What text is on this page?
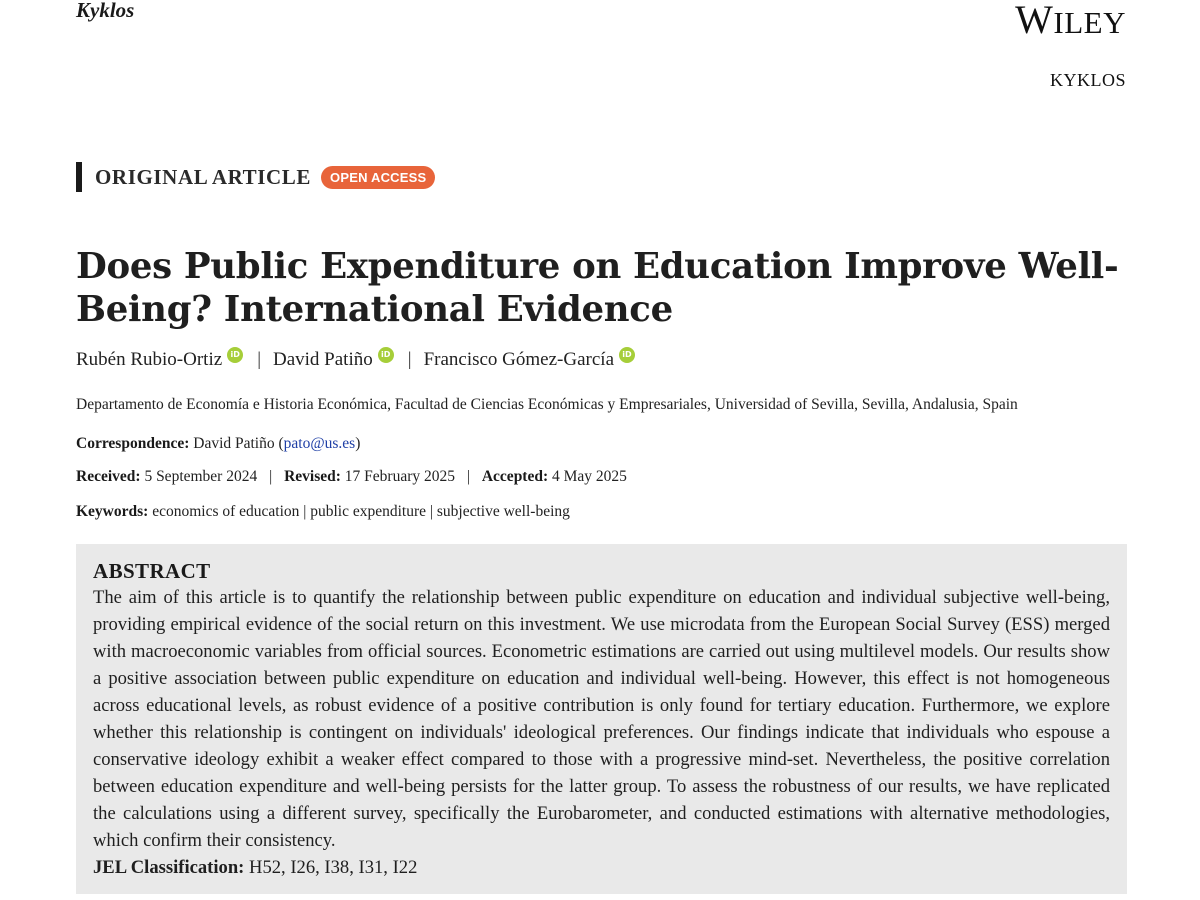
Kyklos	WILEY

KYKLOS

ORIGINAL ARTICLE	OPEN ACCESS
Does Public Expenditure on Education Improve Well-Being? International Evidence
Rubén Rubio-Ortiz	iD | David Patiño	iD | Francisco Gómez-García	iD

Departamento de Economía e Historia Económica, Facultad de Ciencias Económicas y Empresariales, Universidad of Sevilla, Sevilla, Andalusia, Spain

Correspondence: David Patiño (pato@us.es)

Received: 5 September 2024 | Revised: 17 February 2025 | Accepted: 4 May 2025

Keywords: economics of education | public expenditure | subjective well-being

ABSTRACT

The aim of this article is to quantify the relationship between public expenditure on education and individual subjective well-being, providing empirical evidence of the social return on this investment. We use microdata from the European Social Survey (ESS) merged with macroeconomic variables from official sources. Econometric estimations are carried out using multilevel models. Our results show a positive association between public expenditure on education and individual well-being. However, this effect is not homogeneous across educational levels, as robust evidence of a positive contribution is only found for tertiary education. Furthermore, we explore whether this relationship is contingent on individuals' ideological preferences. Our findings indicate that individuals who espouse a conservative ideology exhibit a weaker effect compared to those with a progressive mind-set. Nevertheless, the positive correlation between education expenditure and well-being persists for the latter group. To assess the robustness of our results, we have replicated the calculations using a different survey, specifically the Eurobarometer, and conducted estimations with alternative methodologies, which confirm their consistency.

JEL Classification: H52, I26, I38, I31, I22
